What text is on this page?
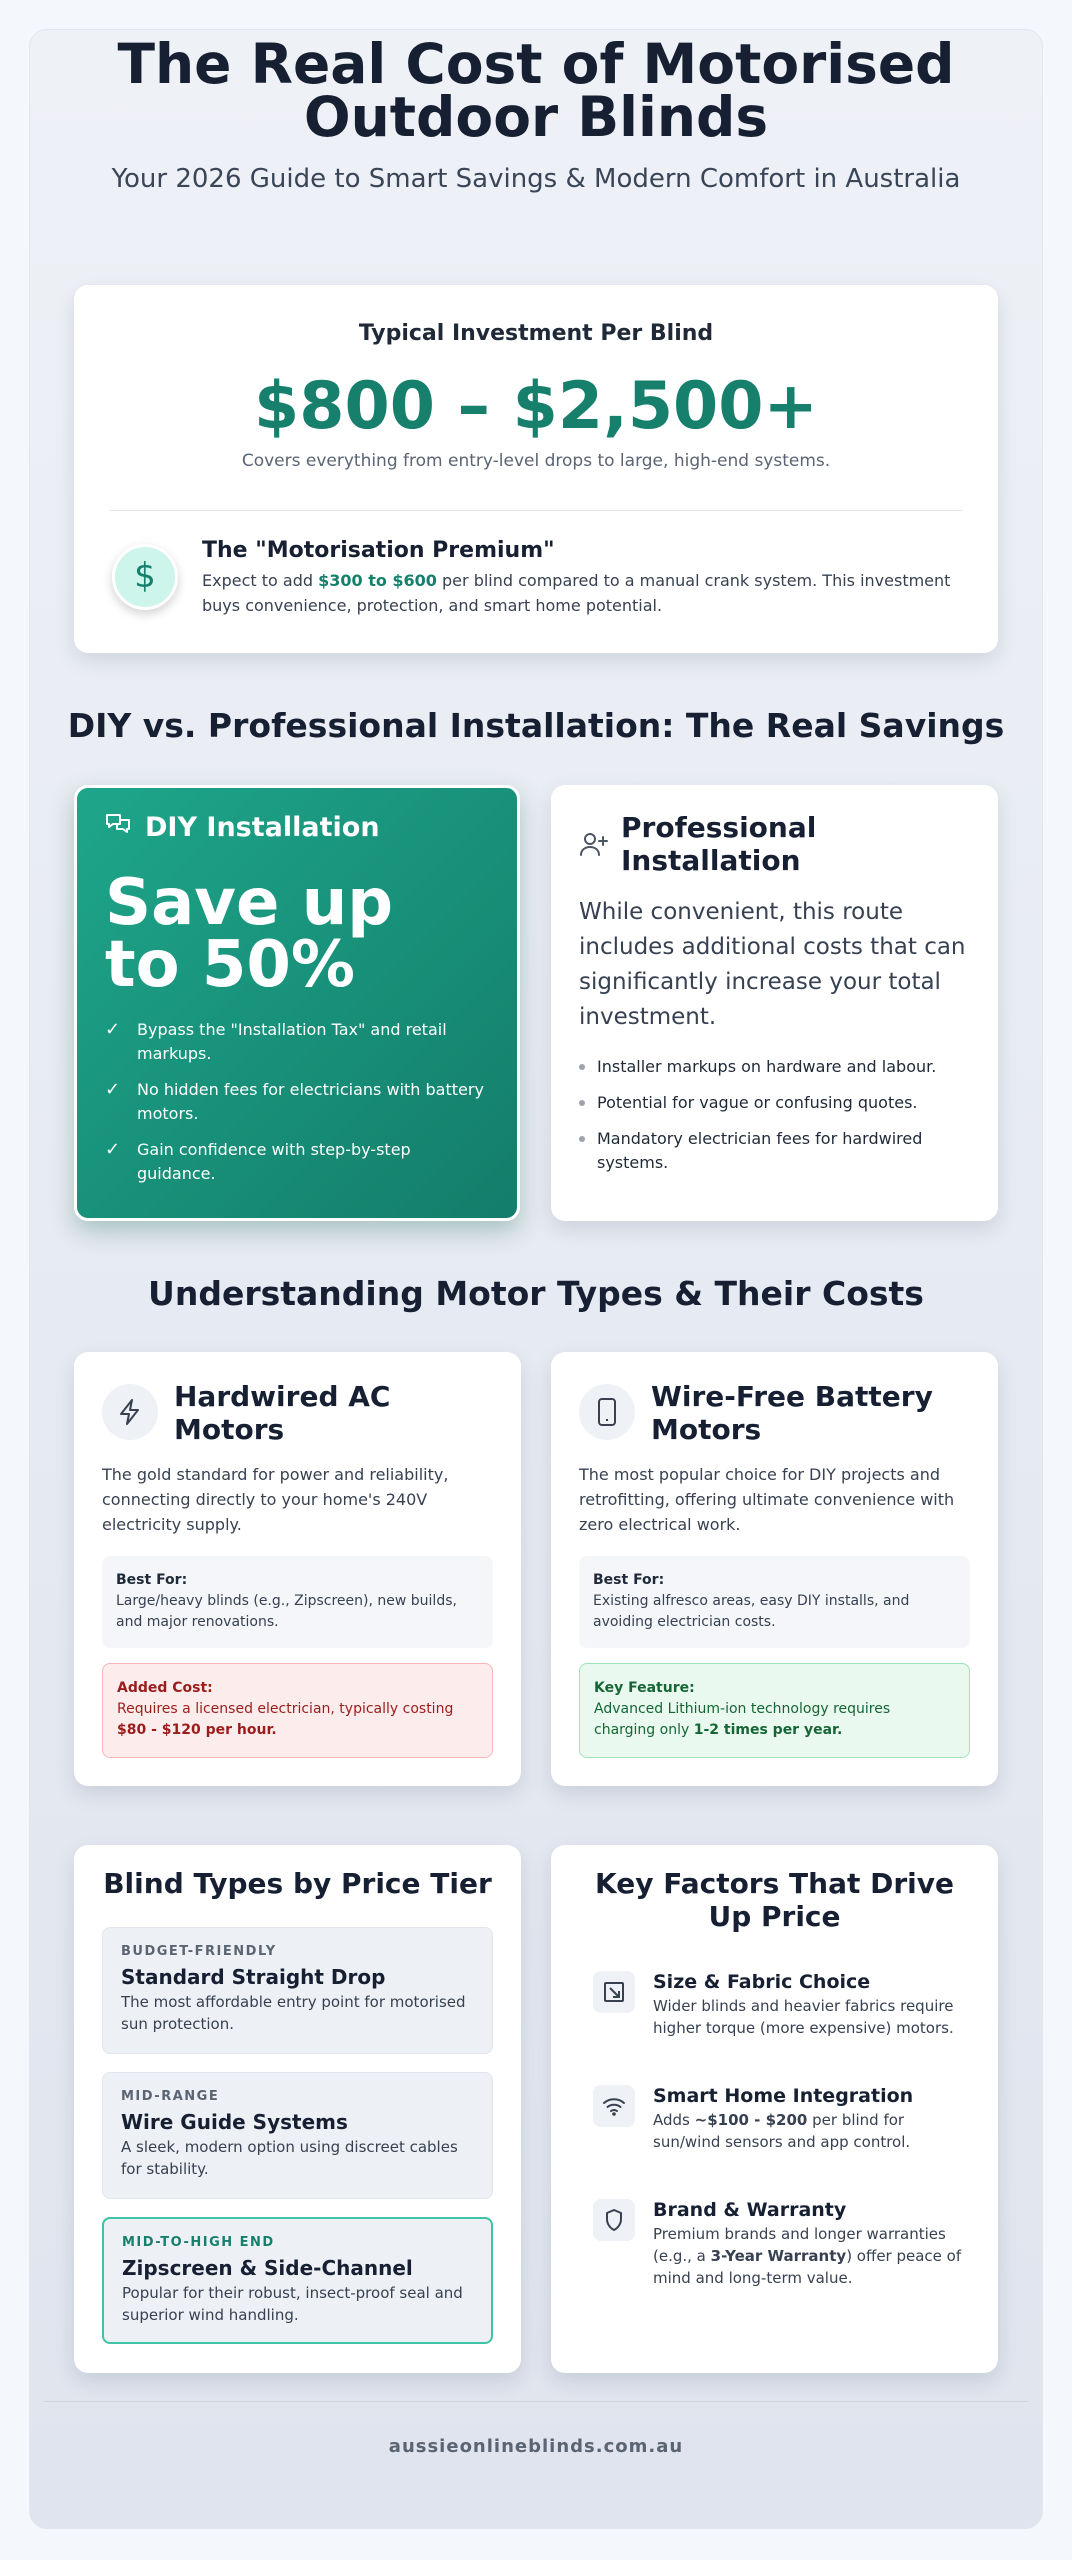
The Real Cost of Motorised
Outdoor Blinds
Your 2026 Guide to Smart Savings & Modern Comfort in Australia
Typical Investment Per Blind
$800 – $2,500+
Covers everything from entry-level drops to large, high-end systems.
$
The "Motorisation Premium"
Expect to add $300 to $600 per blind compared to a manual crank system. This investment buys convenience, protection, and smart home potential.
DIY vs. Professional Installation: The Real Savings
DIY Installation
Save up
to 50%
✓	Bypass the "Installation Tax" and retail markups.
✓	No hidden fees for electricians with battery motors.
✓	Gain confidence with step-by-step guidance.
Professional
Installation
While convenient, this route includes additional costs that can significantly increase your total investment.
Installer markups on hardware and labour.
Potential for vague or confusing quotes.
Mandatory electrician fees for hardwired systems.
Understanding Motor Types & Their Costs
Hardwired AC
Motors
The gold standard for power and reliability, connecting directly to your home's 240V electricity supply.
Best For:
Large/heavy blinds (e.g., Zipscreen), new builds, and major renovations.
Added Cost:
Requires a licensed electrician, typically costing $80 - $120 per hour.
Wire-Free Battery
Motors
The most popular choice for DIY projects and retrofitting, offering ultimate convenience with zero electrical work.
Best For:
Existing alfresco areas, easy DIY installs, and avoiding electrician costs.
Key Feature:
Advanced Lithium-ion technology requires charging only 1-2 times per year.
Blind Types by Price Tier
BUDGET-FRIENDLY
Standard Straight Drop
The most affordable entry point for motorised sun protection.
MID-RANGE
Wire Guide Systems
A sleek, modern option using discreet cables for stability.
MID-TO-HIGH END
Zipscreen & Side-Channel
Popular for their robust, insect-proof seal and superior wind handling.
Key Factors That Drive
Up Price
Size & Fabric Choice
Wider blinds and heavier fabrics require higher torque (more expensive) motors.
Smart Home Integration
Adds ~$100 - $200 per blind for sun/wind sensors and app control.
Brand & Warranty
Premium brands and longer warranties (e.g., a 3-Year Warranty) offer peace of mind and long-term value.
aussieonlineblinds.com.au
